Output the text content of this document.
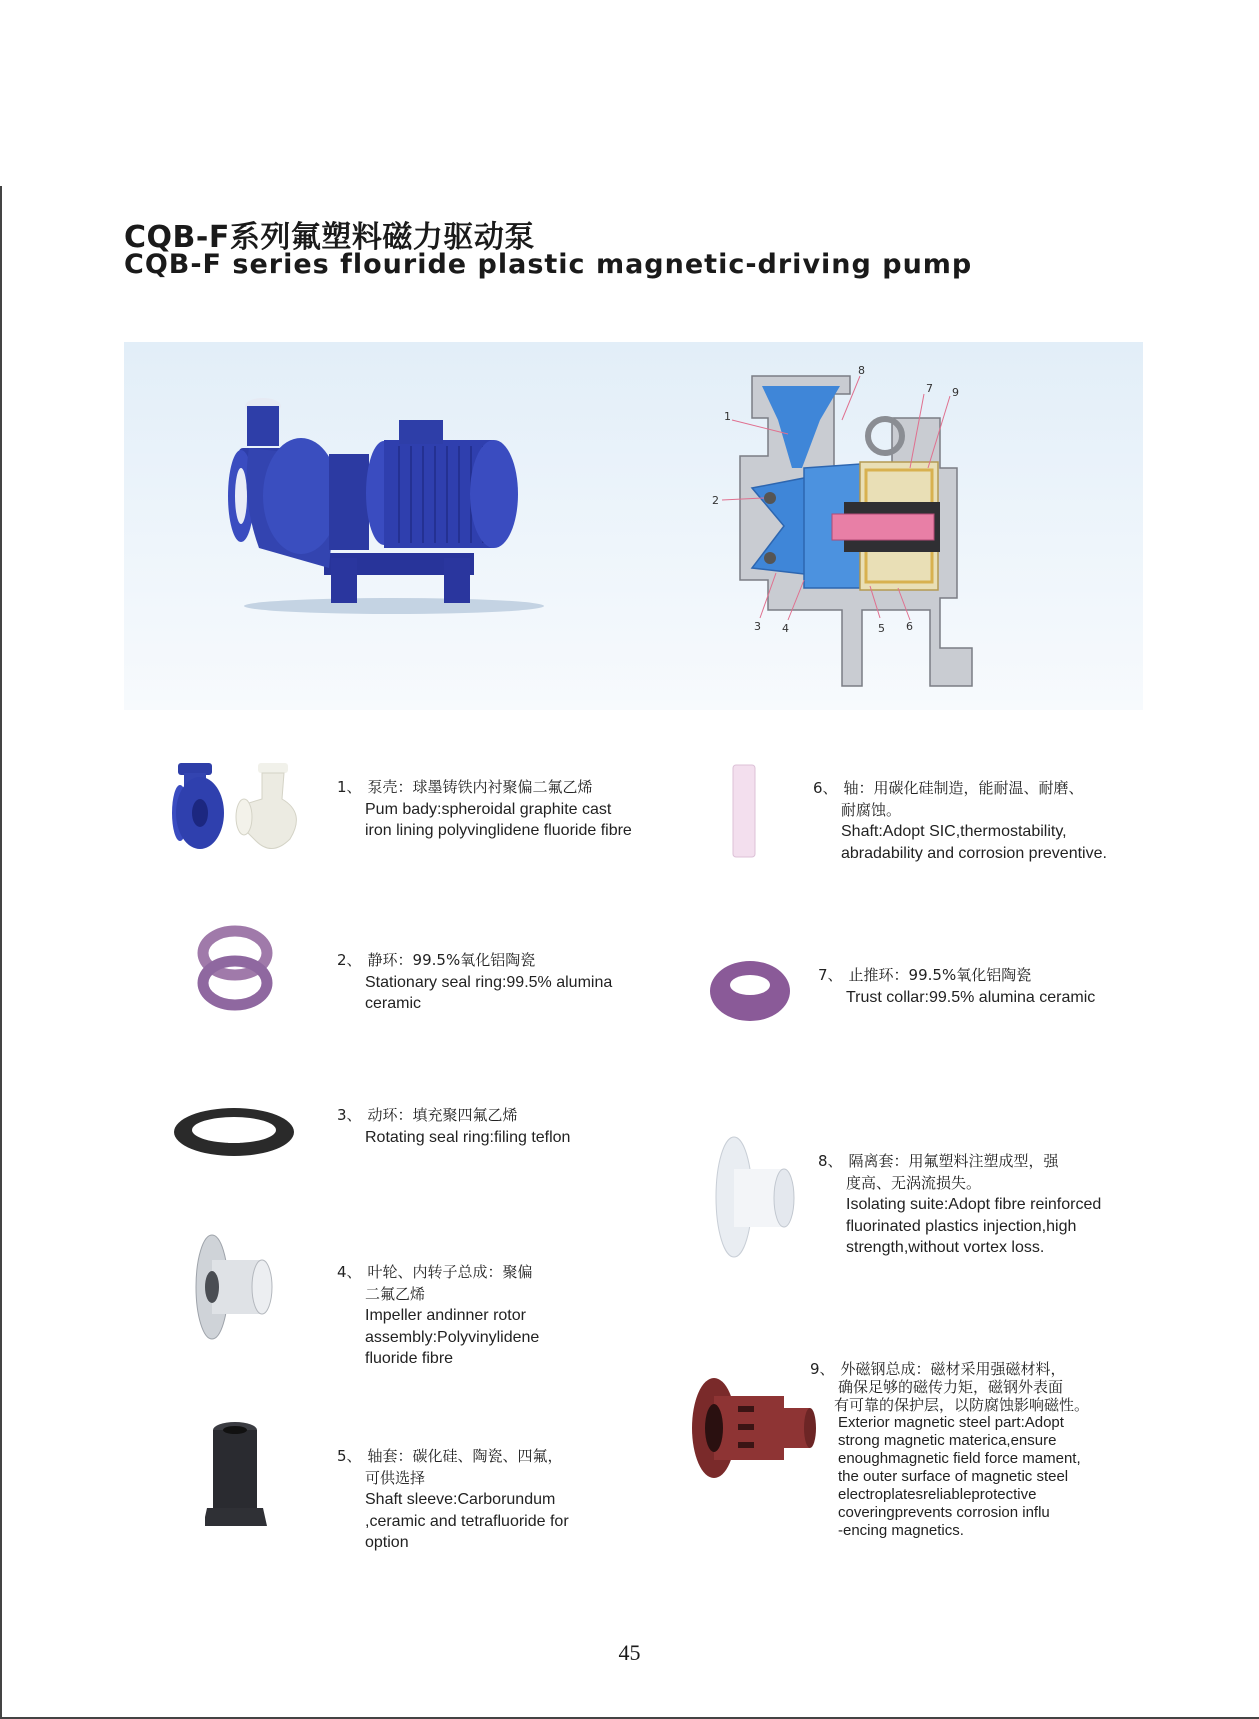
CQB-F系列氟塑料磁力驱动泵
CQB-F series flouride plastic magnetic-driving pump
1
2
3 4	5 6
7
8
9
1、 泵壳：球墨铸铁内衬聚偏二氟乙烯
Pum bady:spheroidal graphite cast
iron lining polyvinglidene fluoride fibre
2、 静环：99.5%氧化铝陶瓷
Stationary seal ring:99.5% alumina
ceramic
3、 动环：填充聚四氟乙烯
Rotating seal ring:filing teflon
4、 叶轮、内转子总成：聚偏
二氟乙烯
Impeller andinner rotor
assembly:Polyvinylidene
fluoride fibre
5、 轴套：碳化硅、陶瓷、四氟，
可供选择
Shaft sleeve:Carborundum
,ceramic and tetrafluoride for
option
6、 轴：用碳化硅制造，能耐温、耐磨、
耐腐蚀。
Shaft:Adopt SIC,thermostability,
abradability and corrosion preventive.
7、 止推环：99.5%氧化铝陶瓷
Trust collar:99.5% alumina ceramic
8、 隔离套：用氟塑料注塑成型，强
度高、无涡流损失。
Isolating suite:Adopt fibre reinforced
fluorinated plastics injection,high
strength,without vortex loss.
9、 外磁钢总成：磁材采用强磁材料，
确保足够的磁传力矩，磁钢外表面
有可靠的保护层，以防腐蚀影响磁性。
Exterior magnetic steel part:Adopt
strong magnetic materica,ensure
enoughmagnetic field force mament,
the outer surface of magnetic steel
electroplatesreliableprotective
coveringprevents corrosion influ
-encing magnetics.
45
